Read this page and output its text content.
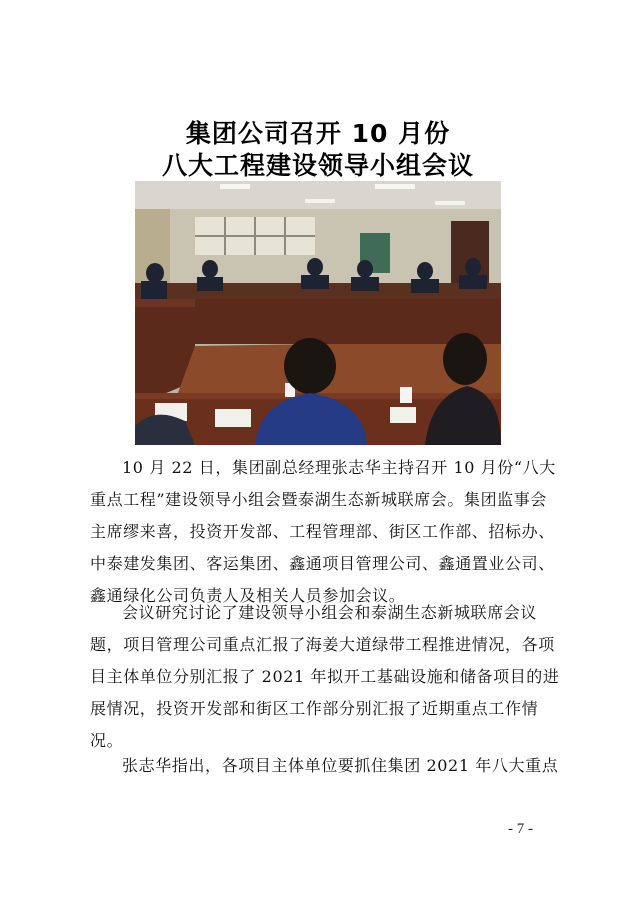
集团公司召开 10 月份
八大工程建设领导小组会议
10 月 22 日，集团副总经理张志华主持召开 10 月份“八大
重点工程”建设领导小组会暨泰湖生态新城联席会。集团监事会
主席缪来喜，投资开发部、工程管理部、街区工作部、招标办、
中泰建发集团、客运集团、鑫通项目管理公司、鑫通置业公司、
鑫通绿化公司负责人及相关人员参加会议。
会议研究讨论了建设领导小组会和泰湖生态新城联席会议
题，项目管理公司重点汇报了海姜大道绿带工程推进情况，各项
目主体单位分别汇报了 2021 年拟开工基础设施和储备项目的进
展情况，投资开发部和街区工作部分别汇报了近期重点工作情
况。
张志华指出，各项目主体单位要抓住集团 2021 年八大重点
- 7 -
